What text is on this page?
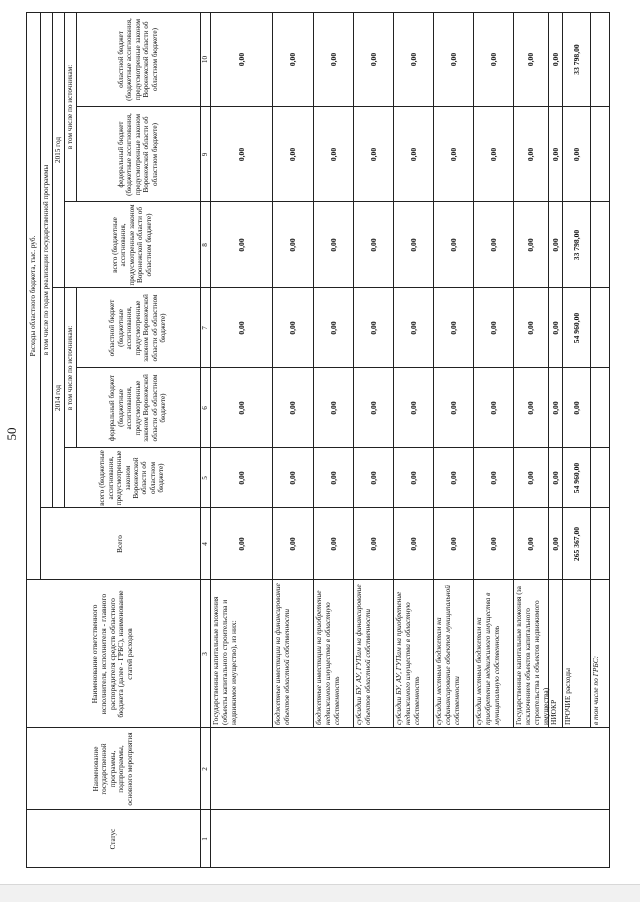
50
Статус
Наименование государственной программы, подпрограммы, основного мероприятия
Наименование ответственного исполнителя, исполнителя - главного распорядителя средств областного бюджета (далее - ГРБС), наименование статей расходов
Расходы областного бюджета, тыс. руб. в том числе по годам реализации государственной программы
Всего
2014 год
2015 год
всего (бюджетные ассигнования, предусмотренные законом Воронежской области об областном бюджете)
в том числе по источникам:	федеральный бюджет (бюджетные ассигнования, предусмотренные законом Воронежской области об областном бюджете)
областной бюджет (бюджетные ассигнования, предусмотренные законом Воронежской области об областном бюджете)
всего (бюджетные ассигнования, предусмотренные законом Воронежской области об областном бюджете)
в том числе по источникам:
федеральный бюджет (бюджетные ассигнования, предусмотренные законом Воронежской области об областном бюджете)
областной бюджет (бюджетные ассигнования, предусмотренные законом Воронежской области об областном бюджете)
1
2
3
4
5
6
7
8
9
10
Государственные капитальные вложения (объекты капитального строительства и недвижимое имущество), из них:
0,00
0,00
0,00
0,00
0,00
0,00
0,00
бюджетные инвестиции на финансирование объектов областной собственности
0,00
0,00
0,00
0,00
0,00
0,00
0,00
бюджетные инвестиции на приобретение недвижимого имущества в областную собственность
0,00
0,00
0,00
0,00
0,00
0,00
0,00
субсидии БУ, АУ, ГУПам на финансирование объектов областной собственности
0,00
0,00
0,00
0,00
0,00
0,00
0,00
субсидии БУ, АУ, ГУПам на приобретение недвижимого имущества в областную собственность
0,00
0,00
0,00
0,00
0,00
0,00
0,00
субсидии местным бюджетам на софинансирование объектов муниципальной собственности
0,00
0,00
0,00
0,00
0,00
0,00
0,00
субсидии местным бюджетам на приобретение недвижимого имущества в муниципальную собственность
0,00
0,00
0,00
0,00
0,00
0,00
0,00
Государственные капитальные вложения (за исключением объектов капитального строительства и объектов недвижимого имущества)
0,00
0,00
0,00
0,00
0,00
0,00
0,00
НИОКР
0,00
0,00
0,00
0,00
0,00
0,00
0,00
ПРОЧИЕ расходы
265 367,00
54 960,00
0,00
54 960,00
33 798,00
0,00
33 798,00
в том числе по ГРБС:
